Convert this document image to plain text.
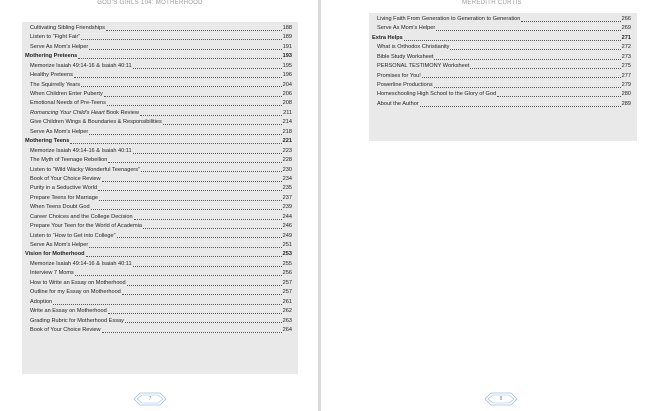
GOD'S GIRLS 104: MOTHERHOOD
Cultivating Sibling Friendships	188
Listen to “Fight Fair”	189
Serve As Mom's Helper	191
Mothering Preteens	193
Memorize Isaiah 49:14-16 & Isaiah 40:11	195
Healthy Preteens	196
The Squirrelly Years	204
When Children Enter Puberty	206
Emotional Needs of Pre-Teens	208
Romancing Your Child's Heart Book Review	211
Give Children Wings & Boundaries & Responsibilities	214
Serve As Mom's Helper	218
Mothering Teens	221
Memorize Isaiah 49:14-16 & Isaiah 40:11	223
The Myth of Teenage Rebellion	228
Listen to “Wild Wacky Wonderful Teenagers”	230
Book of Your Choice Review	234
Purity in a Seductive World	235
Prepare Teens for Marriage	237
When Teens Doubt God	239
Career Choices and the College Decision	244
Prepare Your Teen for the World of Academia	246
Listen to “How to Get into College”	249
Serve As Mom's Helper	251
Vision for Motherhood	253
Memorize Isaiah 49:14-16 & Isaiah 40:11	255
Interview 7 Moms	256
How to Write an Essay on Motherhood	257
Outline for my Essay on Motherhood	257
Adoption	261
Write an Essay on Motherhood	262
Grading Rubric for Motherhood Essay	263
Book of Your Choice Review	264
7
MEREDITH CURTIS
Living Faith From Generation to Generation to Generation	266
Serve As Mom's Helper	269
Extra Helps	271
What is Orthodox Christianity	272
Bible Study Worksheet	273
PERSONAL TESTIMONY Worksheet	275
Promises for You!	277
Powerline Productions	279
Homeschooling High School to the Glory of God	280
About the Author	289
8
